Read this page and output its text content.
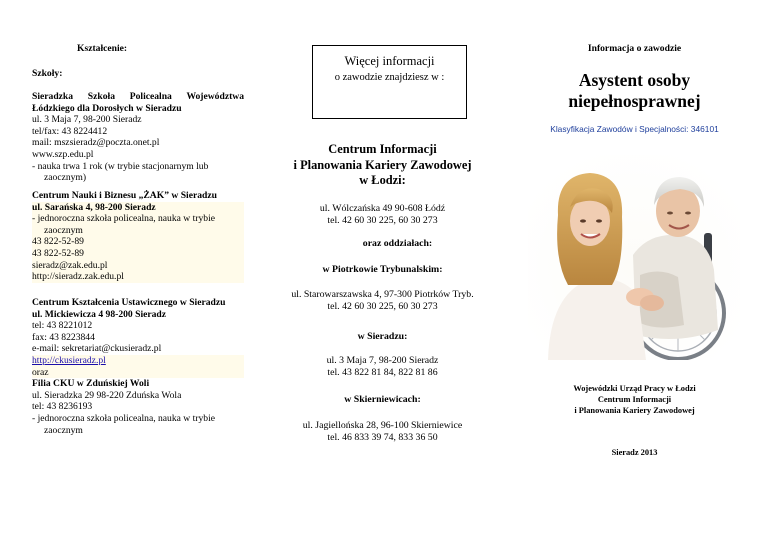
Kształcenie:
Szkoły:
Sieradzka Szkoła Policealna Województwa Łódzkiego dla Dorosłych w Sieradzu
ul. 3 Maja 7, 98-200 Sieradz
tel/fax: 43 8224412
mail: mszsieradz@poczta.onet.pl
www.szp.edu.pl
- nauka trwa 1 rok (w trybie stacjonarnym lub
zaocznym)
Centrum Nauki i Biznesu „ŻAK” w Sieradzu
ul. Sarańska 4, 98-200 Sieradz
- jednoroczna szkoła policealna, nauka w trybie
zaocznym
43 822-52-89
43 822-52-89
sieradz@zak.edu.pl
http://sieradz.zak.edu.pl
Centrum Kształcenia Ustawicznego w Sieradzu
ul. Mickiewicza 4 98-200 Sieradz
tel: 43 8221012
fax: 43 8223844
e-mail: sekretariat@ckusieradz.pl
http://ckusieradz.pl
oraz
Filia CKU w Zduńskiej Woli
ul. Sieradzka 29 98-220 Zduńska Wola
tel: 43 8236193
- jednoroczna szkoła policealna, nauka w trybie
zaocznym
Więcej informacji
o zawodzie znajdziesz w :
Centrum Informacji
i Planowania Kariery Zawodowej
w Łodzi:
ul. Wólczańska 49 90-608 Łódź
tel. 42 60 30 225, 60 30 273
oraz oddziałach:
w Piotrkowie Trybunalskim:
ul. Starowarszawska 4, 97-300 Piotrków Tryb.
tel. 42 60 30 225, 60 30 273
w Sieradzu:
ul. 3 Maja 7, 98-200 Sieradz
tel. 43 822 81 84, 822 81 86
w Skierniewicach:
ul. Jagiellońska 28, 96-100 Skierniewice
tel. 46 833 39 74, 833 36 50
Informacja o zawodzie
Asystent osoby
niepełnosprawnej
Klasyfikacja Zawodów i Specjalności: 346101
Wojewódzki Urząd Pracy w Łodzi
Centrum Informacji
i Planowania Kariery Zawodowej
Sieradz 2013
